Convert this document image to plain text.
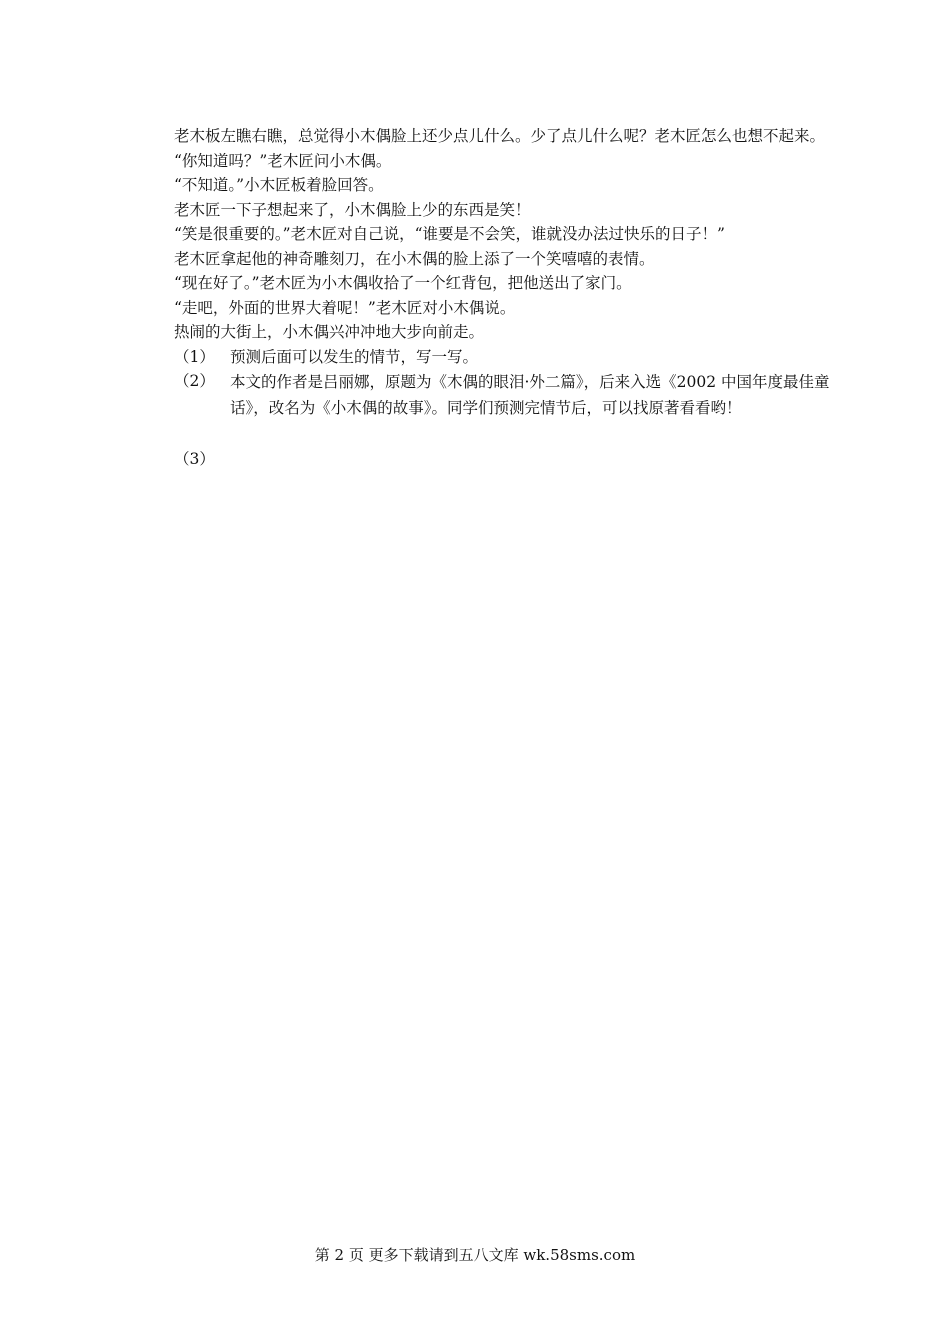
老木板左瞧右瞧，总觉得小木偶脸上还少点儿什么。少了点儿什么呢？老木匠怎么也想不起来。

“你知道吗？”老木匠问小木偶。

“不知道。”小木匠板着脸回答。

老木匠一下子想起来了，小木偶脸上少的东西是笑！

“笑是很重要的。”老木匠对自己说，“谁要是不会笑，谁就没办法过快乐的日子！”

老木匠拿起他的神奇雕刻刀，在小木偶的脸上添了一个笑嘻嘻的表情。

“现在好了。”老木匠为小木偶收拾了一个红背包，把他送出了家门。

“走吧，外面的世界大着呢！”老木匠对小木偶说。

热闹的大街上，小木偶兴冲冲地大步向前走。

（1） 预测后面可以发生的情节，写一写。
（2） 本文的作者是吕丽娜，原题为《木偶的眼泪·外二篇》，后来入选《2002 中国年度最佳童话》，改名为《小木偶的故事》。同学们预测完情节后，可以找原著看看哟！
（3）
第 2 页 更多下载请到五八文库 wk.58sms.com
